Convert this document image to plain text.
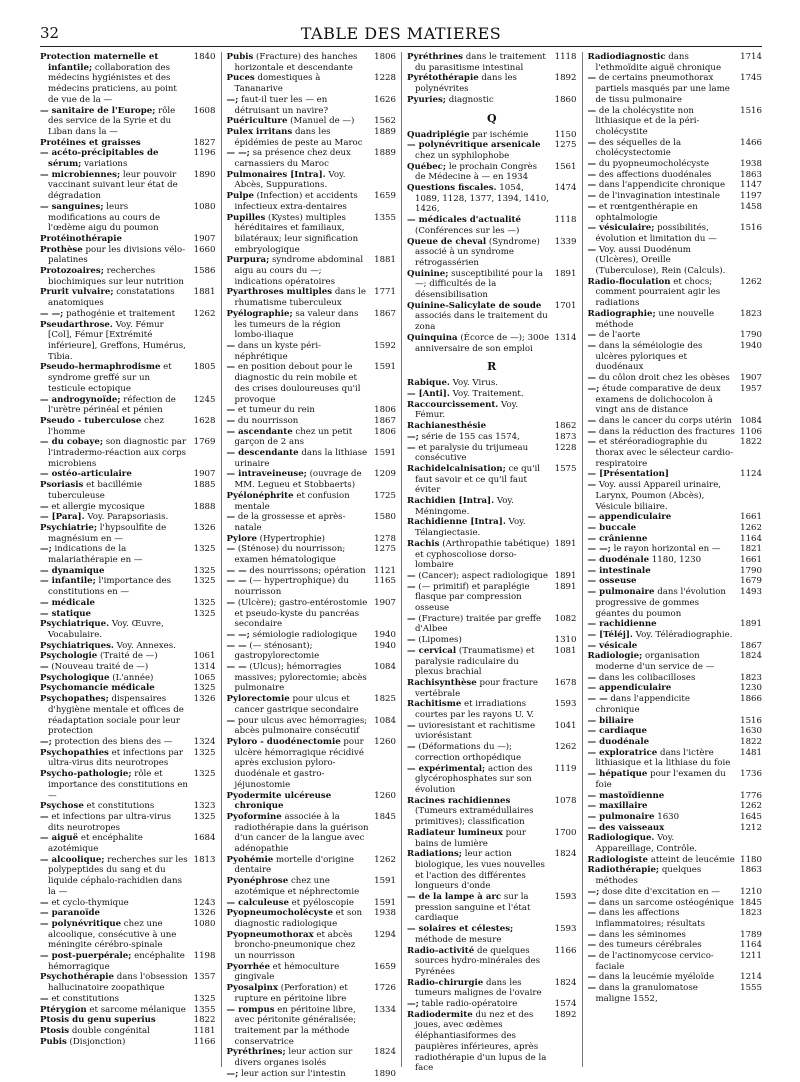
32	TABLE DES MATIERES
Protection maternelle et infantile; collaboration des médecins hygiénistes et des médecins praticiens, au point de vue de la —
1840
— sanitaire de l'Europe; rôle des service de la Syrie et du Liban dans la —
1608
Protéines et graisses	1827
— acéto-précipitables de sérum; variations
1196
— microbiennes; leur pouvoir vaccinant suivant leur état de dégradation
1890
— sanguines; leurs modifications au cours de l'œdème aigu du poumon
1080
Protéinothérapie	1907
Prothèse pour les divisions vélo-palatines
1660
Protozoaires; recherches biochimiques sur leur nutrition
1586
Prurit vulvaire; constatations anatomiques
1881
— —; pathogénie et traitement 1262
Pseudarthrose. Voy. Fémur [Col], Fémur [Extrémité inférieure], Greffons, Humérus, Tibia.
Pseudo-hermaphrodisme et syndrome greffé sur un testicule ectopique
1805
— androgynoïde; réfection de l'urètre périnéal et pénien
1245
Pseudo - tuberculose chez l'homme
1628
— du cobaye; son diagnostic par l'intradermo-réaction aux corps microbiens
1769
— ostéo-articulaire	1907
Psoriasis et bacillémie tuberculeuse
1885
— et allergie mycosique	1888
— [Para]. Voy. Parapsoriasis.
Psychiatrie; l'hypsoulfite de magnésium en —
1326
—; indications de la malariathérapie en —
1325
— dynamique	1325
— infantile; l'importance des constitutions en —
1325
— médicale	1325
— statique	1325
Psychiatrique. Voy. Œuvre, Vocabulaire.
Psychiatriques. Voy. Annexes.
Psychologie (Traité de —)	1061
— (Nouveau traité de —)	1314
Psychologique (L'année)	1065
Psychomancie médicale	1325
Psychopathes; dispensaires d'hygiène mentale et offices de réadaptation sociale pour leur protection
1326
—; protection des biens des — 1324
Psychopathies et infections par ultra-virus dits neurotropes
1325
Psycho-pathologie; rôle et importance des constitutions en —
1325
Psychose et constitutions	1323
— et infections par ultra-virus dits neurotropes
1325
— aiguë et encéphalite azotémique
1684
— alcoolique; recherches sur les polypeptides du sang et du liquide céphalo-rachidien dans la —
1813
— et cyclo-thymique	1243
— paranoïde	1326
— polynévritique chez une alcoolique, consécutive à une méningite cérébro-spinale
1080
— post-puerpérale; encéphalite hémorragique
1198
Psychothérapie dans l'obsession hallucinatoire zoopathique
1357
— et constitutions	1325
Ptérygion et sarcome mélanique 1355
Ptosis du genu superius	1822
Ptosis double congénital	1181
Pubis (Disjonction)	1166
Pubis (Fracture) des hanches horizontale et descendante
1806
Puces domestiques à Tananarive
1228
—; faut-il tuer les — en détruisant un navire?
1626
Puériculture (Manuel de —) 1562
Pulex irritans dans les épidémies de peste au Maroc
1889
— —; sa présence chez deux carnassiers du Maroc
1889
Pulmonaires [Intra]. Voy. Abcès, Suppurations.
Pulpe (Infection) et accidents infectieux extra-dentaires
1659
Pupilles (Kystes) multiples héréditaires et familiaux, bilatéraux; leur signification embryologique
1355
Purpura; syndrome abdominal aigu au cours du —; indications opératoires
1881
Pyarthroses multiples dans le rhumatisme tuberculeux
1771
Pyélographie; sa valeur dans les tumeurs de la région lombo-iliaque
1867
— dans un kyste péri-néphrétique
1592
— en position debout pour le diagnostic du rein mobile et des crises douloureuses qu'il provoque
1591
— et tumeur du rein	1806
— du nourrisson	1867
— ascendante chez un petit garçon de 2 ans
1806
— descendante dans la lithiase urinaire
1591
— intraveineuse; (ouvrage de MM. Legueu et Stobbaerts)
1209
Pyélonéphrite et confusion mentale
1725
— de la grossesse et après-natale
1580
Pylore (Hypertrophie)	1278
— (Sténose) du nourrisson; examen hématologique
1275
— — des nourrissons; opération 1121
— — (— hypertrophique) du nourrisson
1165
— (Ulcère); gastro-entérostomie et pseudo-kyste du pancréas secondaire
1907
— —; sémiologie radiologique 1940
— — (— sténosant); gastropylorectomie
1940
— — (Ulcus); hémorragies massives; pylorectomie; abcès pulmonaire
1084
Pylorectomie pour ulcus et cancer gastrique secondaire
1825
— pour ulcus avec hémorragies; abcès pulmonaire consécutif
1084
Pyloro - duodénectomie pour ulcère hémorragique récidivé après exclusion pyloro-duodénale et gastro-jéjunostomie
1260
Pyodermite ulcéreuse chronique
1260
Pyoformine associée à la radiothérapie dans la guérison d'un cancer de la langue avec adénopathie
1845
Pyohémie mortelle d'origine dentaire
1262
Pyonéphrose chez une azotémique et néphrectomie
1591
— calculeuse et pyéloscopie 1591
Pyopneumocholécyste et son diagnostic radiologique
1938
Pyopneumothorax et abcès broncho-pneumonique chez un nourrisson
1294
Pyorrhée et hémoculture gingivale
1659
Pyosalpinx (Perforation) et rupture en péritoine libre
1726
— rompus en péritoine libre, avec péritonite généralisée; traitement par la méthode conservatrice
1334
Pyréthrines; leur action sur divers organes isolés
1824
—; leur action sur l'intestin	1890
Pyréthrines dans le traitement du parasitisme intestinal
1118
Pyrétothérapie dans les polynévrites
1892
Pyuries; diagnostic	1860
Q
Quadriplégie par ischémie	1150
— polynévritique arsenicale chez un syphilophobe
1275
Québec; le prochain Congrès de Médecine à — en 1934
1561
Questions fiscales. 1054, 1089, 1128, 1377, 1394, 1410, 1426,
1474
— médicales d'actualité (Conférences sur les —)
1118
Queue de cheval (Syndrome) associé à un syndrome rétrogassérien
1339
Quinine; susceptibilité pour la —; difficultés de la désensibilisation
1891
Quinine-Salicylate de soude associés dans le traitement du zona
1701
Quinquina (Écorce de —); 300e anniversaire de son emploi
1314
R
Rabique. Voy. Virus.
— [Anti]. Voy. Traitement.
Raccourcissement. Voy. Fémur.
Rachianesthésie	1862
—; série de 155 cas 1574,	1873
— et paralysie du trijumeau consécutive
1228
Rachidelcalnisation; ce qu'il faut savoir et ce qu'il faut éviter
1575
Rachidien [Intra]. Voy. Méningome.
Rachidienne [Intra]. Voy. Télangiectasie.
Rachis (Arthropathie tabétique) et cyphoscoliose dorso-lombaire
1891
— (Cancer); aspect radiologique 1891
— (— primitif) et paraplégie flasque par compression osseuse
1891
— (Fracture) traitée par greffe d'Albee
1082
— (Lipomes)	1310
— cervical (Traumatisme) et paralysie radiculaire du plexus brachial
1081
Rachisynthèse pour fracture vertébrale
1678
Rachitisme et irradiations courtes par les rayons U. V.
1593
— uvioresistant et rachitisme uviorésistant
1041
— (Déformations du —); correction orthopédique
1262
— expérimental; action des glycérophosphates sur son évolution
1119
Racines rachidiennes (Tumeurs extramédullaires primitives); classification
1078
Radiateur lumineux pour bains de lumière
1700
Radiations; leur action biologique, les vues nouvelles et l'action des différentes longueurs d'onde
1824
— de la lampe à arc sur la pression sanguine et l'état cardiaque
1593
— solaires et célestes; méthode de mesure
1593
Radio-activité de quelques sources hydro-minérales des Pyrénées
1166
Radio-chirurgie dans les tumeurs malignes de l'ovaire
1824
—; table radio-opératoire	1574
Radiodermite du nez et des joues, avec œdèmes éléphantiasiformes des paupières inférieures, après radiothérapie d'un lupus de la face
1892
Radiodiagnostic dans l'ethmoïdite aiguë chronique
1714
— de certains pneumothorax partiels masqués par une lame de tissu pulmonaire
1745
— de la cholécystite non lithiasique et de la péri-cholécystite
1516
— des séquelles de la cholécystectomie
1466
— du pyopneumocholécyste	1938
— des affections duodénales	1863
— dans l'appendicite chronique 1147
— de l'invagination intestinale 1197
— et rœntgenthérapie en ophtalmologie
1458
— vésiculaire; possibilités, évolution et limitation du —
1516
— Voy. aussi Duodénum (Ulcères), Oreille (Tuberculose), Rein (Calculs).
Radio-floculation et chocs; comment pourraient agir les radiations
1262
Radiographie; une nouvelle méthode
1823
— de l'aorte	1790
— dans la séméiologie des ulcères pyloriques et duodénaux
1940
— du côlon droit chez les obèses 1907
—; étude comparative de deux examens de dolichocolon à vingt ans de distance
1957
— dans le cancer du corps utérin 1084
— dans la réduction des fractures 1106
— et stéréoradiographie du thorax avec le sélecteur cardio-respiratoire
1822
— [Présentation]	1124
— Voy. aussi Appareil urinaire, Larynx, Poumon (Abcès), Vésicule biliaire.
— appendiculaire	1661
— buccale	1262
— crânienne	1164
— —; le rayon horizontal en — 1821
— duodénale 1180, 1230	1661
— intestinale	1790
— osseuse	1679
— pulmonaire dans l'évolution progressive de gommes géantes du poumon
1493
— rachidienne	1891
— [Téléj]. Voy. Téléradiographie.
— vésicale	1867
Radiologie; organisation moderne d'un service de —
1824
— dans les colibacilloses	1823
— appendiculaire	1230
— — dans l'appendicite chronique
1866
— biliaire	1516
— cardiaque	1630
— duodénale	1822
— exploratrice dans l'ictère lithiasique et la lithiase du foie
1481
— hépatique pour l'examen du foie
1736
— mastoïdienne	1776
— maxillaire	1262
— pulmonaire 1630	1645
— des vaisseaux	1212
Radiologique. Voy. Appareillage, Contrôle.
Radiologiste atteint de leucémie 1180
Radiothérapie; quelques méthodes
1863
—; dose dite d'excitation en — 1210
— dans un sarcome ostéogénique 1845
— dans les affections inflammatoires; résultats
1823
— dans les séminomes	1789
— des tumeurs cérébrales	1164
— de l'actinomycose cervico-faciale
1211
— dans la leucémie myéloïde	1214
— dans la granulomatose maligne 1552,
1555
